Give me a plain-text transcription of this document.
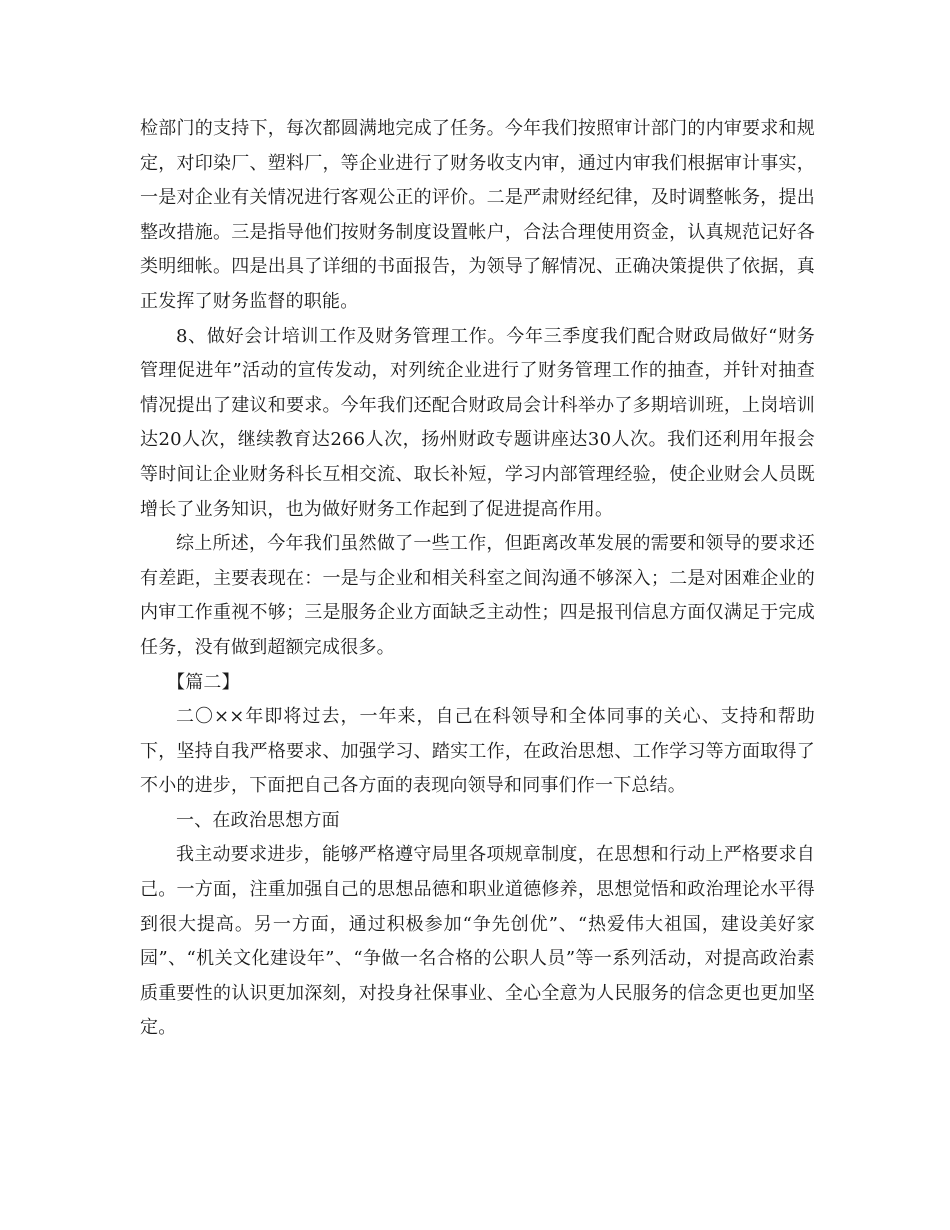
检部门的支持下，每次都圆满地完成了任务。今年我们按照审计部门的内审要求和规定，对印染厂、塑料厂，等企业进行了财务收支内审，通过内审我们根据审计事实，一是对企业有关情况进行客观公正的评价。二是严肃财经纪律，及时调整帐务，提出整改措施。三是指导他们按财务制度设置帐户，合法合理使用资金，认真规范记好各类明细帐。四是出具了详细的书面报告，为领导了解情况、正确决策提供了依据，真正发挥了财务监督的职能。

8、做好会计培训工作及财务管理工作。今年三季度我们配合财政局做好“财务管理促进年”活动的宣传发动，对列统企业进行了财务管理工作的抽查，并针对抽查情况提出了建议和要求。今年我们还配合财政局会计科举办了多期培训班，上岗培训达20人次，继续教育达266人次，扬州财政专题讲座达30人次。我们还利用年报会等时间让企业财务科长互相交流、取长补短，学习内部管理经验，使企业财会人员既增长了业务知识，也为做好财务工作起到了促进提高作用。

综上所述，今年我们虽然做了一些工作，但距离改革发展的需要和领导的要求还有差距，主要表现在：一是与企业和相关科室之间沟通不够深入；二是对困难企业的内审工作重视不够；三是服务企业方面缺乏主动性；四是报刊信息方面仅满足于完成任务，没有做到超额完成很多。

【篇二】

二〇××年即将过去，一年来，自己在科领导和全体同事的关心、支持和帮助下，坚持自我严格要求、加强学习、踏实工作，在政治思想、工作学习等方面取得了不小的进步，下面把自己各方面的表现向领导和同事们作一下总结。

一、在政治思想方面

我主动要求进步，能够严格遵守局里各项规章制度，在思想和行动上严格要求自己。一方面，注重加强自己的思想品德和职业道德修养，思想觉悟和政治理论水平得到很大提高。另一方面，通过积极参加“争先创优”、“热爱伟大祖国，建设美好家园”、“机关文化建设年”、“争做一名合格的公职人员”等一系列活动，对提高政治素质重要性的认识更加深刻，对投身社保事业、全心全意为人民服务的信念更也更加坚定。
